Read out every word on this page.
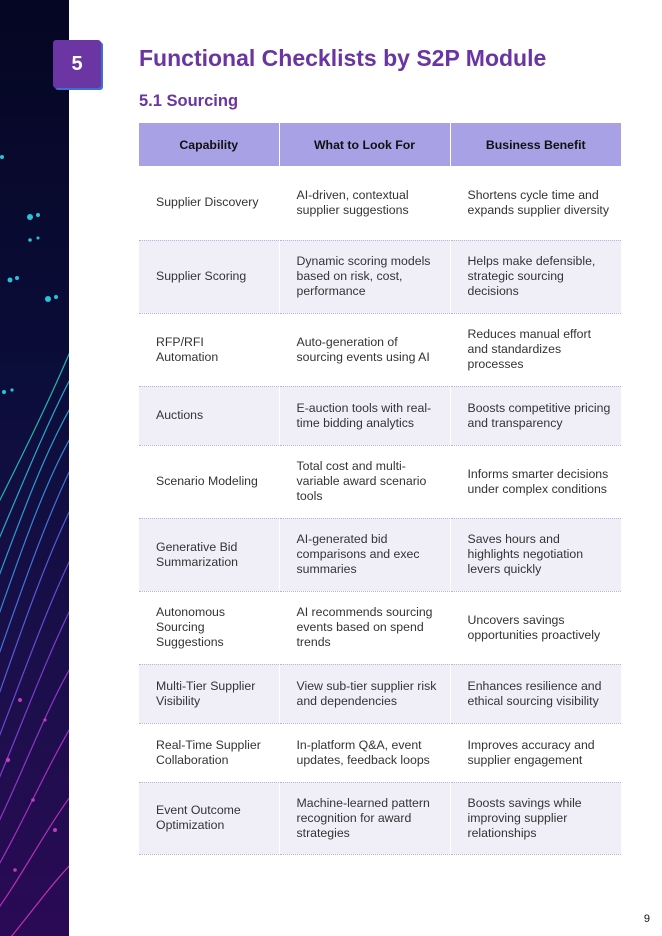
5	Functional Checklists by S2P Module
5.1 Sourcing
Capability	What to Look For	Business Benefit
Supplier Discovery	AI-driven, contextual supplier suggestions	Shortens cycle time and expands supplier diversity
Supplier Scoring	Dynamic scoring models based on risk, cost, performance	Helps make defensible, strategic sourcing decisions
RFP/RFI Automation	Auto-generation of sourcing events using AI	Reduces manual effort and standardizes processes
Auctions	E-auction tools with real-time bidding analytics	Boosts competitive pricing and transparency
Scenario Modeling	Total cost and multi-variable award scenario tools	Informs smarter decisions under complex conditions
Generative Bid Summarization	AI-generated bid comparisons and exec summaries	Saves hours and highlights negotiation levers quickly
Autonomous Sourcing Suggestions	AI recommends sourcing events based on spend trends	Uncovers savings opportunities proactively
Multi-Tier Supplier Visibility	View sub-tier supplier risk and dependencies	Enhances resilience and ethical sourcing visibility
Real-Time Supplier Collaboration	In-platform Q&A, event updates, feedback loops	Improves accuracy and supplier engagement
Event Outcome Optimization	Machine-learned pattern recognition for award strategies	Boosts savings while improving supplier relationships
9
